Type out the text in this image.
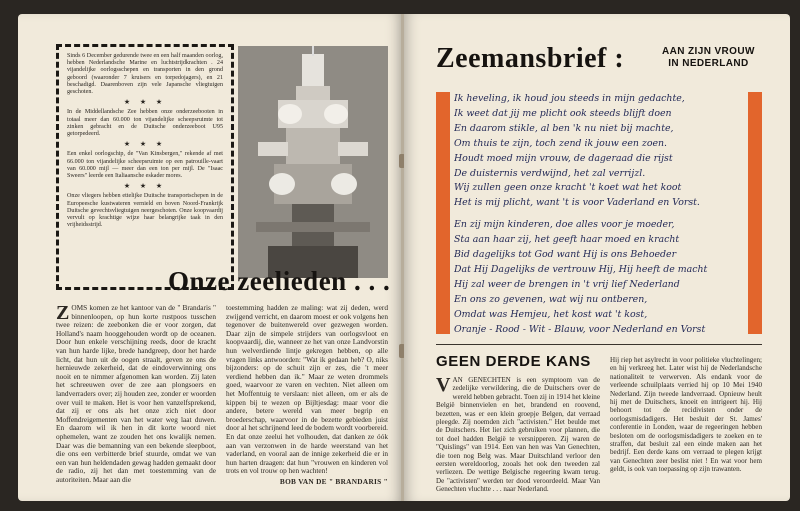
Sinds 6 December gedurende twee en een half maanden oorlog, hebben Nederlandsche Marine en luchtstrijdkrachten . 24 vijandelijke oorlogsschepen en transporten in den grond geboord (waaronder 7 kruisers en torpedojagers), en 21 beschadigd. Daarenboven zijn vele Japansche vliegtuigen geschoten.

★ ★ ★

In de Middellandsche Zee hebben onze onderzeebooten in totaal meer dan 60.000 ton vijandelijke scheepsruimte tot zinken gebracht en de Duitsche onderzeeboot U95 getorpedeerd.

★ ★ ★

Een enkel oorlogschip, de "Van Kinsbergen," rekende af met 66.000 ton vijandelijke scheepsruimte op een patrouille-vaart van 60.000 mijl — meer dan een ton per mijl. De "Isaac Sweers" leerde een Italiaansche eskader mores.

★ ★ ★

Onze vliegers hebben ettelijke Duitsche transportschepen in de Europeesche kustwateren vernield en boven Noord-Frankrijk Duitsche gevechtsvliegtuigen neergeschoten. Onze koopvaardij vervult op krachtige wijze haar belangrijke taak in den vrijheidsstrijd.

Onze zeelieden . . .

ZOMS komen ze het kantoor van de " Brandaris " binnenloopen, op hun korte rustpoos tusschen twee reizen: de zeebonken die er voor zorgen, dat Holland's naam hooggehouden wordt op de oceanen. Door hun enkele verschijning reeds, door de kracht van hun harde lijke, brede handgreep, door het harde licht, dat hun uit de oogen straalt, geven ze ons de hernieuwde zekerheid, dat de eindoverwinning ons nooit en te nimmer afgenomen kan worden. Zij laten het schreeuwen over de zee aan plongsoers en landverraders over; zij houden zee, zonder er woorden over vuil te maken. Het is voor hen vanzelfsprekend, dat zij er ons als het onze zich niet door Moffendreigementen van het water weg laat duwen. En daarom wil ik hen in dit korte woord niet ophemelen, want ze zouden het ons kwalijk nemen. Daar was die bemanning van een bekende sleepboot, die ons een verbitterde brief stuurde, omdat we van een van hun heldendaden gewag hadden gemaakt door de radio, zij het dan met toestemming van de autoriteiten. Maar aan die

toestemming hadden ze maling: wat zij deden, werd zwijgend verricht, en daarom moest er ook volgens hen tegenover de buitenwereld over gezwegen worden. Daar zijn de simpele strijders van oorlogsvloot en koopvaardij, die, wanneer ze het van onze Landvorstin hun welverdiende lintje gekregen hebben, op alle vragen links antwoorden: "Wat ik gedaan heb? O, niks bijzonders: op de schuit zijn er zes, die 't meer verdiend hebben dan ik." Maar ze weten drommels goed, waarvoor ze varen en vechten. Niet alleen om het Moffentuig te verslaan: niet alleen, om er als de kippen bij te wezen op Bijltjesdag: maar voor die andere, betere wereld van meer begrip en broederschap, waarvoor in de bezette gebieden juist door al het schrijnend leed de bodem wordt voorbereid. En dat onze zeelui het volhouden, dat danken ze óók aan van verzonwen in de harde weerstand van het vaderland, en vooral aan de innige zekerheid die er in hun harten draagen: dat hun "vrouwen en kinderen vol trots en vol trouw op hen wachten!

BOB VAN DE " BRANDARIS "
Zeemansbrief :	AAN ZIJN VROUW
IN NEDERLAND
Ik heveling, ik houd jou steeds in mijn gedachte,
Ik weet dat jij me plicht ook steeds blijft doen
En daarom stikle, al ben 'k nu niet bij machte,
Om thuis te zijn, toch zend ik jouw een zoen.
Houdt moed mijn vrouw, de dageraad die rijst
De duisternis verdwijnd, het zal verrijzl.
Wij zullen geen onze kracht 't koet wat het koot
Het is mij plicht, want 't is voor Vaderland en Vorst.
En zij mijn kinderen, doe alles voor je moeder,
Sta aan haar zij, het geeft haar moed en kracht
Bid dagelijks tot God want Hij is ons Behoeder
Dat Hij Dagelijks de vertrouw Hij, Hij heeft de macht
Hij zal weer de brengen in 't vrij lief Nederland
En ons zo gevenen, wat wij nu ontberen,
Omdat was Hemjeu, het kost wat 't kost,
Oranje - Rood - Wit - Blauw, voor Nederland en Vorst
GEEN DERDE KANS

VAN GENECHTEN is een symptoom van de zedelijke verwildering, die de Duitschers over de wereld hebben gebracht. Toen zij in 1914 het kleine België binnenvielen en het, brandend en roovend, bezetten, was er een klein groepje Belgen, dat verraad pleegde. Zij noemden zich "activisten." Het beulde met de Duitschers. Het liet zich gebruiken voor plannen, die tot doel hadden België te versnipperen. Zij waren de "Quislings" van 1914. Een van hen was Van Genechten, die toen nog Belg was. Maar Duitschland verloor den eersten wereldoorlog, zooals het ook den tweeden zal verliezen. De wettige Belgische regeering kwam terug. De "activisten" werden ter dood veroordeeld. Maar Van Genechten vluchtte . . . naar Nederland.

Hij riep het asylrecht in voor politieke vluchtelingen; en hij verkreeg het. Later wist hij de Nederlandsche nationaliteit te verwerven. Als endank voor de verleende schuilplaats verried hij op 10 Mei 1940 Nederland. Zijn tweede landverraad. Opnieuw heult hij met de Duitschers, knoeit en intrigeert hij. Hij behoort tot de recidivisten onder de oorlogsmisdadigers. Het besluit der St. James' conferentie in Londen, waar de regeeringen hebben besloten om de oorlogsmisdadigers te zoeken en te straffen, dat besluit zal een einde maken aan het bedrijf. Een derde kans om verraad te plegen krijgt van Genechten zeer beslist niet ! En wat voor hem geldt, is ook van toepassing op zijn trawanten.
